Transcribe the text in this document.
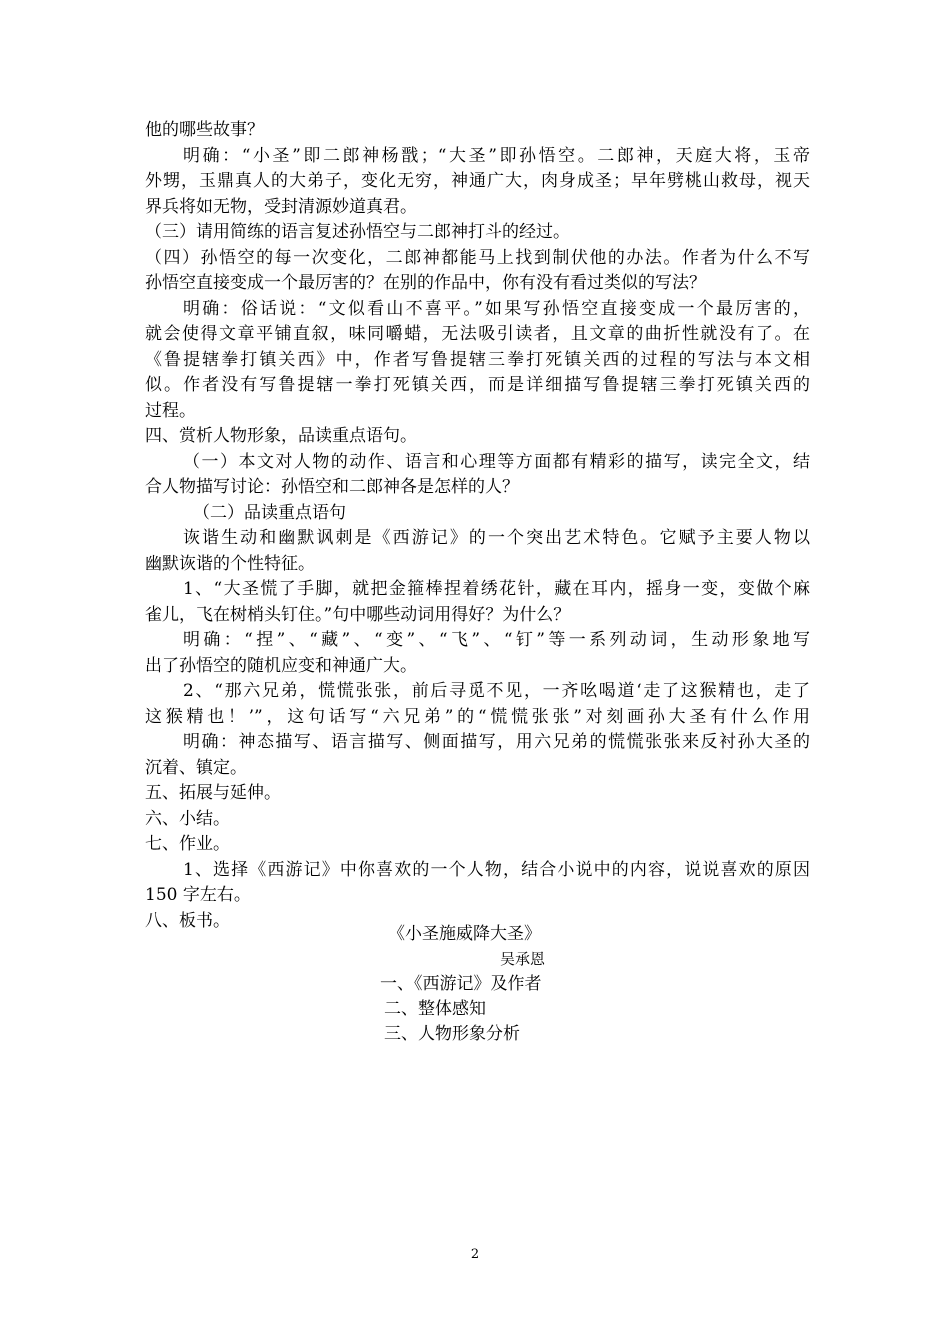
他的哪些故事？
明确：“小圣”即二郎神杨戬；“大圣”即孙悟空。二郎神，天庭大将，玉帝
外甥，玉鼎真人的大弟子，变化无穷，神通广大，肉身成圣；早年劈桃山救母，视天
界兵将如无物，受封清源妙道真君。
（三）请用简练的语言复述孙悟空与二郎神打斗的经过。
（四）孙悟空的每一次变化，二郎神都能马上找到制伏他的办法。作者为什么不写
孙悟空直接变成一个最厉害的？在别的作品中，你有没有看过类似的写法？
明确：俗话说：“文似看山不喜平。”如果写孙悟空直接变成一个最厉害的，
就会使得文章平铺直叙，味同嚼蜡，无法吸引读者，且文章的曲折性就没有了。在
《鲁提辖拳打镇关西》中，作者写鲁提辖三拳打死镇关西的过程的写法与本文相
似。作者没有写鲁提辖一拳打死镇关西，而是详细描写鲁提辖三拳打死镇关西的
过程。
四、赏析人物形象，品读重点语句。
（一）本文对人物的动作、语言和心理等方面都有精彩的描写，读完全文，结
合人物描写讨论：孙悟空和二郎神各是怎样的人？
（二）品读重点语句
诙谐生动和幽默讽刺是《西游记》的一个突出艺术特色。它赋予主要人物以
幽默诙谐的个性特征。
1、“大圣慌了手脚，就把金箍棒捏着绣花针，藏在耳内，摇身一变，变做个麻
雀儿，飞在树梢头钉住。”句中哪些动词用得好？为什么？
明确：“捏”、“藏”、“变”、“飞”、“钉”等一系列动词，生动形象地写
出了孙悟空的随机应变和神通广大。
2、“那六兄弟，慌慌张张，前后寻觅不见，一齐吆喝道‘走了这猴精也，走了
这猴精也！’”，这句话写“六兄弟”的“慌慌张张”对刻画孙大圣有什么作用
明确：神态描写、语言描写、侧面描写，用六兄弟的慌慌张张来反衬孙大圣的
沉着、镇定。
五、拓展与延伸。
六、小结。
七、作业。
1、选择《西游记》中你喜欢的一个人物，结合小说中的内容，说说喜欢的原因
150 字左右。
八、板书。
《小圣施威降大圣》
吴承恩
一、《西游记》及作者
二、整体感知
三、人物形象分析
2
